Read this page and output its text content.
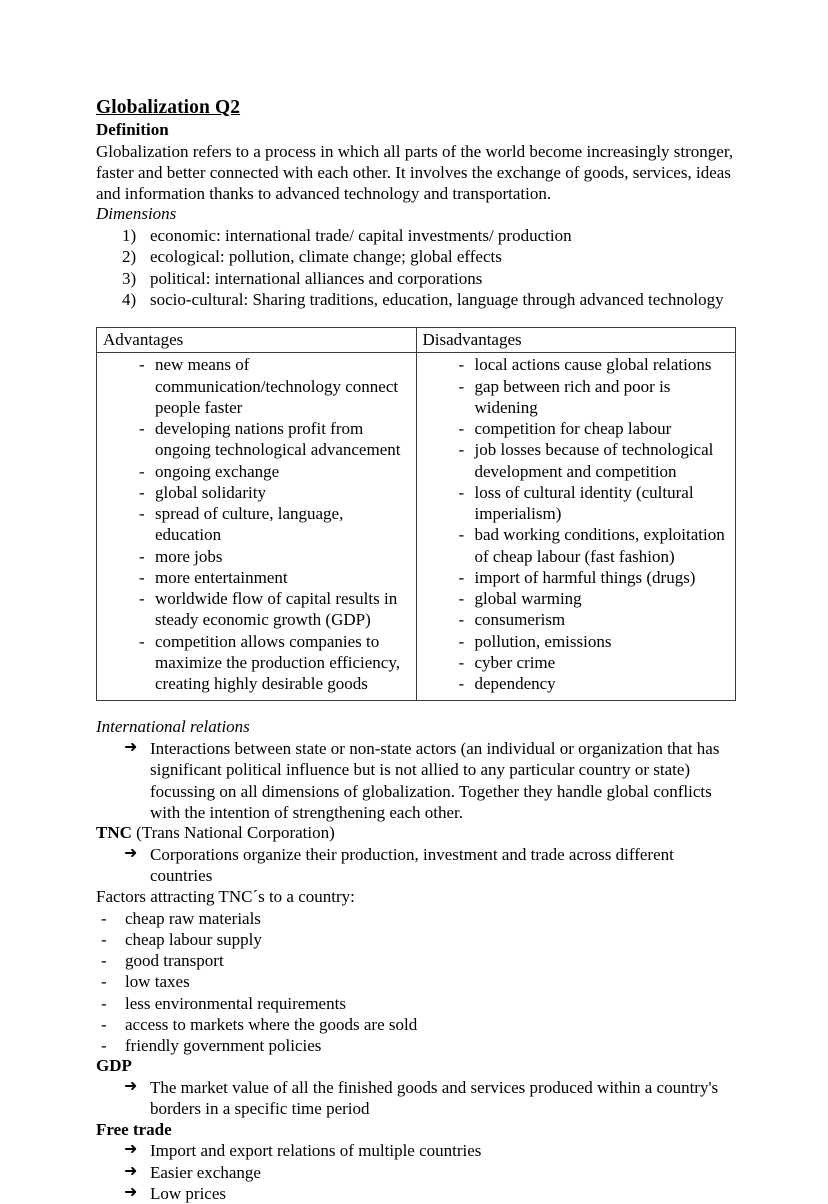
Globalization Q2
Definition

Globalization refers to a process in which all parts of the world become increasingly stronger, faster and better connected with each other. It involves the exchange of goods, services, ideas and information thanks to advanced technology and transportation.

Dimensions
1) economic: international trade/ capital investments/ production
2) ecological: pollution, climate change; global effects
3) political: international alliances and corporations
4) socio-cultural: Sharing traditions, education, language through advanced technology
Advantages	Disadvantages

- new means of communication/technology connect people faster
- developing nations profit from ongoing technological advancement
- ongoing exchange
- global solidarity
- spread of culture, language, education
- more jobs
- more entertainment
- worldwide flow of capital results in steady economic growth (GDP)
- competition allows companies to maximize the production efficiency, creating highly desirable goods

- local actions cause global relations
- gap between rich and poor is widening
- competition for cheap labour
- job losses because of technological development and competition
- loss of cultural identity (cultural imperialism)
- bad working conditions, exploitation of cheap labour (fast fashion)
- import of harmful things (drugs)
- global warming
- consumerism
- pollution, emissions
- cyber crime
- dependency
International relations
➜ Interactions between state or non-state actors (an individual or organization that has significant political influence but is not allied to any particular country or state) focussing on all dimensions of globalization. Together they handle global conflicts with the intention of strengthening each other.
TNC (Trans National Corporation)
➜ Corporations organize their production, investment and trade across different countries
Factors attracting TNC´s to a country:
- cheap raw materials
- cheap labour supply
- good transport
- low taxes
- less environmental requirements
- access to markets where the goods are sold
- friendly government policies
GDP
➜ The market value of all the finished goods and services produced within a country's borders in a specific time period
Free trade
➜ Import and export relations of multiple countries
➜ Easier exchange
➜ Low prices
